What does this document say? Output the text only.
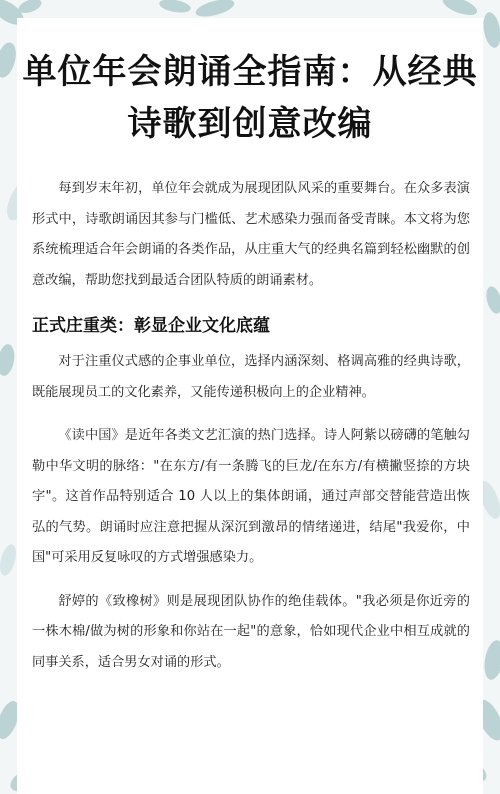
单位年会朗诵全指南：从经典
诗歌到创意改编

每到岁末年初，单位年会就成为展现团队风采的重要舞台。在众多表演形式中，诗歌朗诵因其参与门槛低、艺术感染力强而备受青睐。本文将为您系统梳理适合年会朗诵的各类作品，从庄重大气的经典名篇到轻松幽默的创意改编，帮助您找到最适合团队特质的朗诵素材。

正式庄重类：彰显企业文化底蕴

对于注重仪式感的企事业单位，选择内涵深刻、格调高雅的经典诗歌，既能展现员工的文化素养，又能传递积极向上的企业精神。

《读中国》是近年各类文艺汇演的热门选择。诗人阿紫以磅礴的笔触勾勒中华文明的脉络："在东方/有一条腾飞的巨龙/在东方/有横撇竖捺的方块字"。这首作品特别适合 10 人以上的集体朗诵，通过声部交替能营造出恢弘的气势。朗诵时应注意把握从深沉到激昂的情绪递进，结尾"我爱你，中国"可采用反复咏叹的方式增强感染力。

舒婷的《致橡树》则是展现团队协作的绝佳载体。"我必须是你近旁的一株木棉/做为树的形象和你站在一起"的意象，恰如现代企业中相互成就的同事关系，适合男女对诵的形式。
